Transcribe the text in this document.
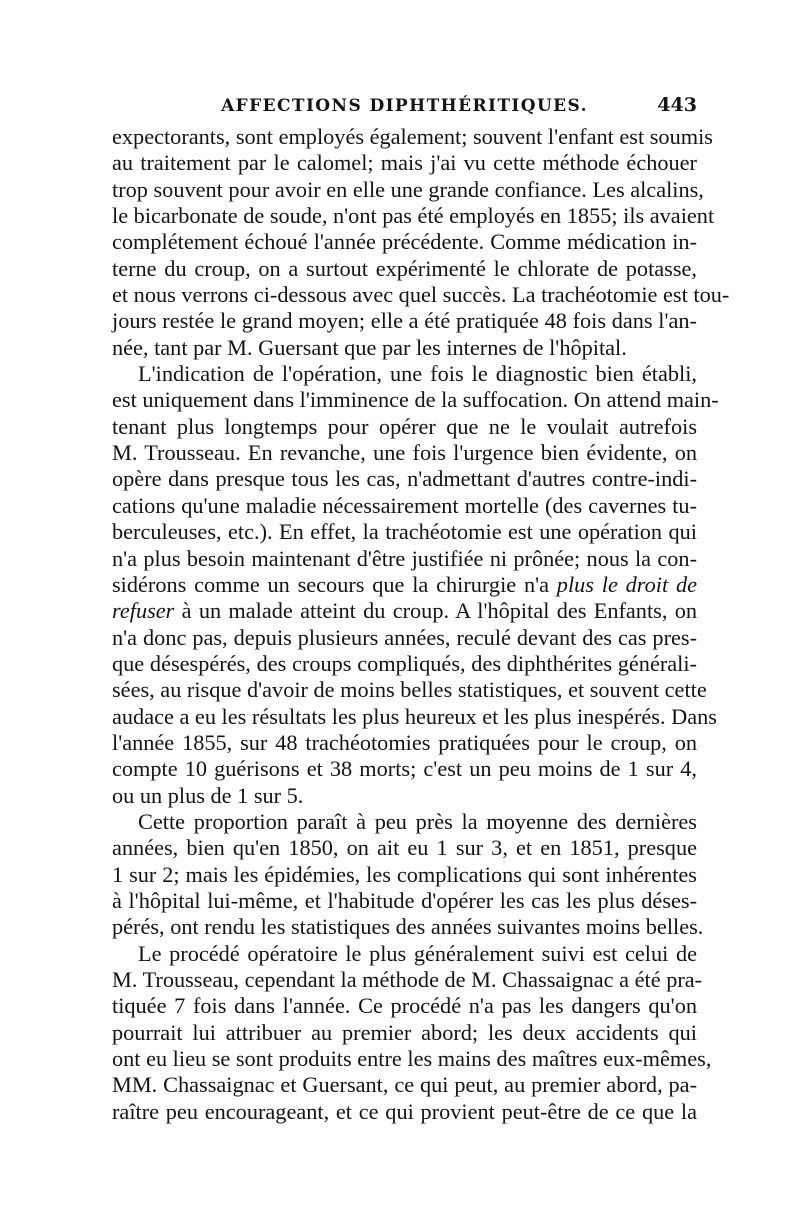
AFFECTIONS DIPHTHÉRITIQUES.	443
expectorants, sont employés également; souvent l'enfant est soumis
au traitement par le calomel; mais j'ai vu cette méthode échouer
trop souvent pour avoir en elle une grande confiance. Les alcalins,
le bicarbonate de soude, n'ont pas été employés en 1855; ils avaient
complétement échoué l'année précédente. Comme médication in-
terne du croup, on a surtout expérimenté le chlorate de potasse,
et nous verrons ci-dessous avec quel succès. La trachéotomie est tou-
jours restée le grand moyen; elle a été pratiquée 48 fois dans l'an-
née, tant par M. Guersant que par les internes de l'hôpital.
L'indication de l'opération, une fois le diagnostic bien établi,
est uniquement dans l'imminence de la suffocation. On attend main-
tenant plus longtemps pour opérer que ne le voulait autrefois
M. Trousseau. En revanche, une fois l'urgence bien évidente, on
opère dans presque tous les cas, n'admettant d'autres contre-indi-
cations qu'une maladie nécessairement mortelle (des cavernes tu-
berculeuses, etc.). En effet, la trachéotomie est une opération qui
n'a plus besoin maintenant d'être justifiée ni prônée; nous la con-
sidérons comme un secours que la chirurgie n'a plus le droit de
refuser à un malade atteint du croup. A l'hôpital des Enfants, on
n'a donc pas, depuis plusieurs années, reculé devant des cas pres-
que désespérés, des croups compliqués, des diphthérites générali-
sées, au risque d'avoir de moins belles statistiques, et souvent cette
audace a eu les résultats les plus heureux et les plus inespérés. Dans
l'année 1855, sur 48 trachéotomies pratiquées pour le croup, on
compte 10 guérisons et 38 morts; c'est un peu moins de 1 sur 4,
ou un plus de 1 sur 5.
Cette proportion paraît à peu près la moyenne des dernières
années, bien qu'en 1850, on ait eu 1 sur 3, et en 1851, presque
1 sur 2; mais les épidémies, les complications qui sont inhérentes
à l'hôpital lui-même, et l'habitude d'opérer les cas les plus déses-
pérés, ont rendu les statistiques des années suivantes moins belles.
Le procédé opératoire le plus généralement suivi est celui de
M. Trousseau, cependant la méthode de M. Chassaignac a été pra-
tiquée 7 fois dans l'année. Ce procédé n'a pas les dangers qu'on
pourrait lui attribuer au premier abord; les deux accidents qui
ont eu lieu se sont produits entre les mains des maîtres eux-mêmes,
MM. Chassaignac et Guersant, ce qui peut, au premier abord, pa-
raître peu encourageant, et ce qui provient peut-être de ce que la
